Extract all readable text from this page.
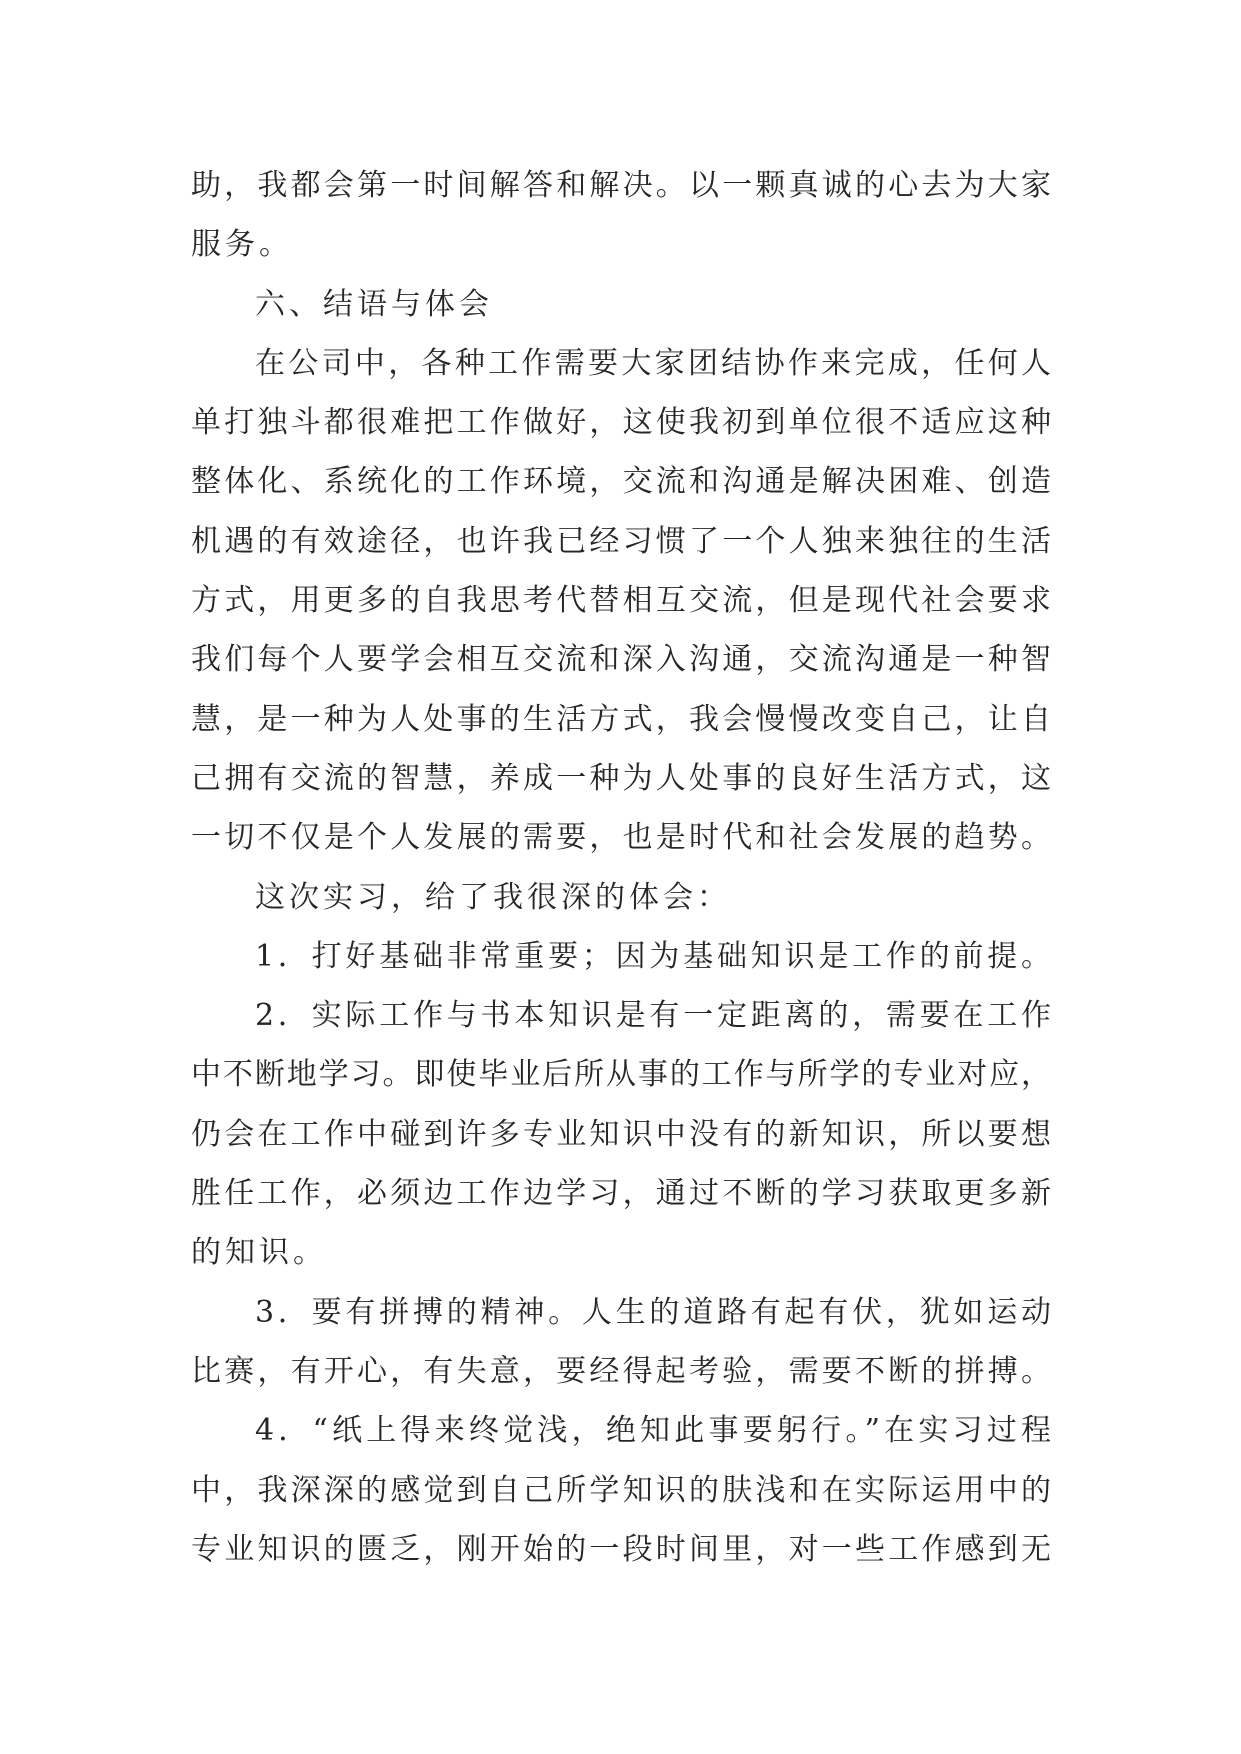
助，我都会第一时间解答和解决。以一颗真诚的心去为大家
服务。
六、结语与体会
在公司中，各种工作需要大家团结协作来完成，任何人
单打独斗都很难把工作做好，这使我初到单位很不适应这种
整体化、系统化的工作环境，交流和沟通是解决困难、创造
机遇的有效途径，也许我已经习惯了一个人独来独往的生活
方式，用更多的自我思考代替相互交流，但是现代社会要求
我们每个人要学会相互交流和深入沟通，交流沟通是一种智
慧，是一种为人处事的生活方式，我会慢慢改变自己，让自
己拥有交流的智慧，养成一种为人处事的良好生活方式，这
一切不仅是个人发展的需要，也是时代和社会发展的趋势。
这次实习，给了我很深的体会：
1．打好基础非常重要；因为基础知识是工作的前提。
2．实际工作与书本知识是有一定距离的，需要在工作
中不断地学习。即使毕业后所从事的工作与所学的专业对应，
仍会在工作中碰到许多专业知识中没有的新知识，所以要想
胜任工作，必须边工作边学习，通过不断的学习获取更多新
的知识。
3．要有拼搏的精神。人生的道路有起有伏，犹如运动
比赛，有开心，有失意，要经得起考验，需要不断的拼搏。
4．“纸上得来终觉浅，绝知此事要躬行。”在实习过程
中，我深深的感觉到自己所学知识的肤浅和在实际运用中的
专业知识的匮乏，刚开始的一段时间里，对一些工作感到无
